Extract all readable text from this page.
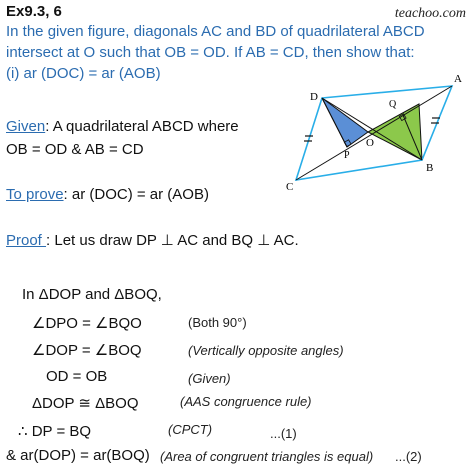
Ex9.3, 6	teachoo.com
In the given figure, diagonals AC and BD of quadrilateral ABCD
intersect at O such that OB = OD. If AB = CD, then show that:
(i) ar (DOC) = ar (AOB)	A
B
C
D
O
P
Q
Given: A quadrilateral ABCD where
OB = OD & AB = CD
To prove: ar (DOC) = ar (AOB)
Proof : Let us draw DP ⊥ AC and BQ ⊥ AC.
In ΔDOP and ΔBOQ,
∠DPO = ∠BQO	(Both 90°)
∠DOP = ∠BOQ	(Vertically opposite angles)
OD = OB	(Given)
ΔDOP ≅ ΔBOQ	(AAS congruence rule)
∴ DP = BQ	(CPCT)	...(1)
& ar(DOP) = ar(BOQ) (Area of congruent triangles is equal) ...(2)
